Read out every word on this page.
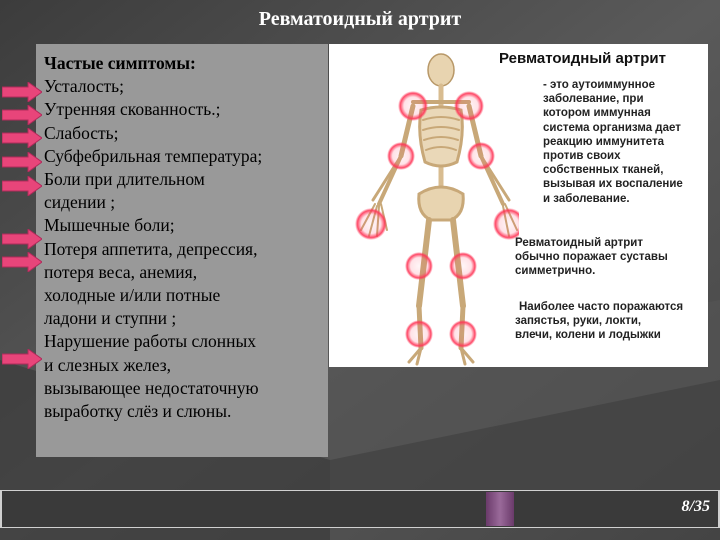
Ревматоидный артрит
Частые симптомы:
Усталость;
Утренняя скованность.;
Слабость;
Субфебрильная температура;
Боли при длительном
сидении ;
Мышечные боли;
Потеря аппетита, депрессия,
потеря веса, анемия,
холодные и/или потные
ладони и ступни ;
Нарушение работы слонных
и слезных желез,
вызывающее недостаточную
выработку слёз и слюны.
Ревматоидный артрит
- это аутоиммунное
заболевание, при
котором иммунная
система организма дает
реакцию иммунитета
против своих
собственных тканей,
вызывая их воспаление
и заболевание.
Ревматоидный артрит
обычно поражает суставы
симметрично.
Наиболее часто поражаются
запястья, руки, локти,
влечи, колени и лодыжки
8/35
